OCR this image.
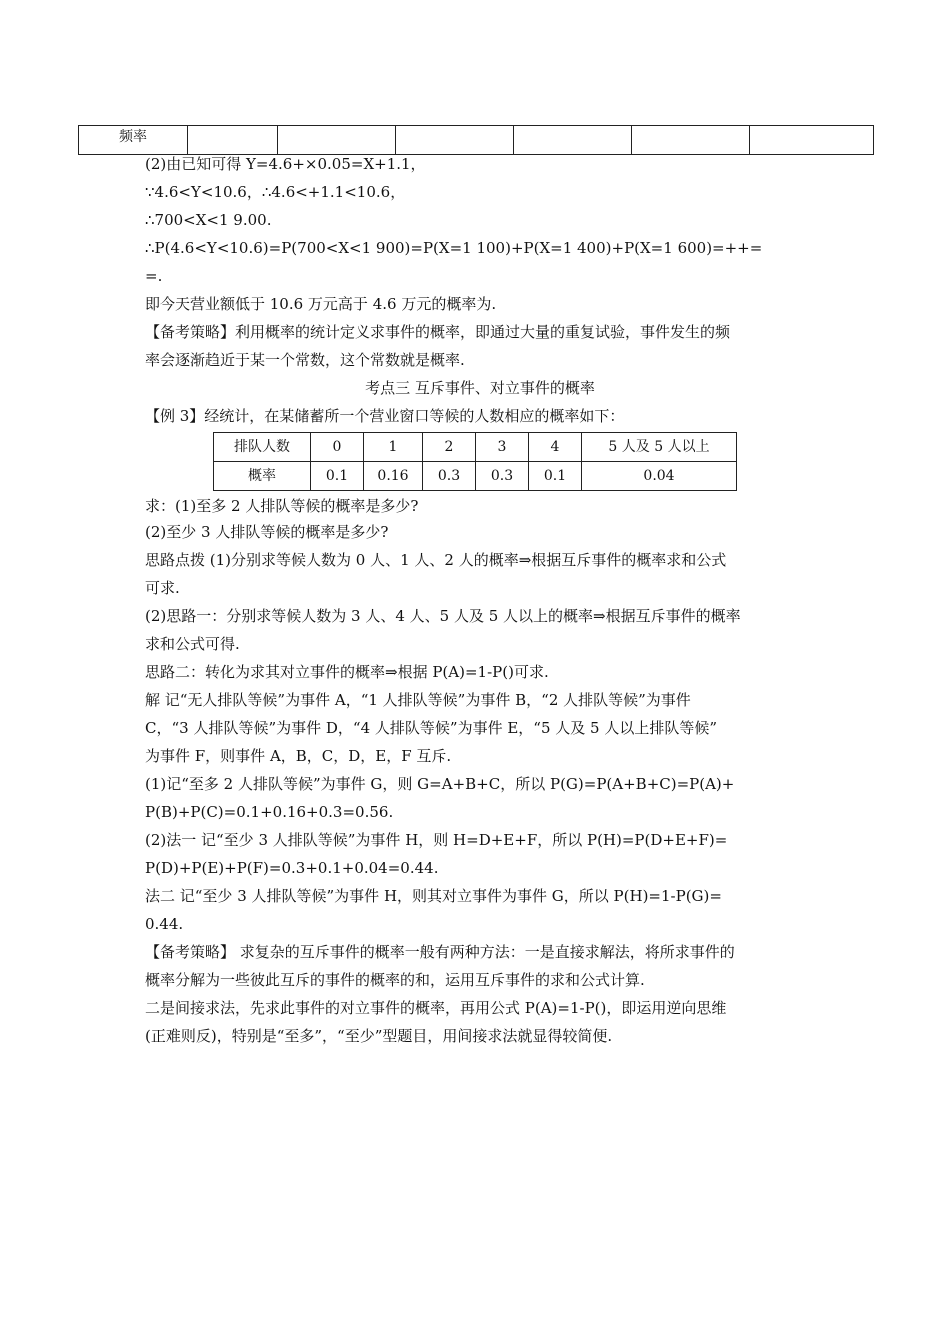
频率						
(2)由已知可得 Y=4.6+×0.05=X+1.1，
∵4.6<Y<10.6，∴4.6<+1.1<10.6，
∴700<X<1 9.00.
∴P(4.6<Y<10.6)=P(700<X<1 900)=P(X=1 100)+P(X=1 400)+P(X=1 600)=++=
=.
即今天营业额低于 10.6 万元高于 4.6 万元的概率为.
【备考策略】利用概率的统计定义求事件的概率，即通过大量的重复试验，事件发生的频
率会逐渐趋近于某一个常数，这个常数就是概率.
考点三 互斥事件、对立事件的概率
【例 3】经统计，在某储蓄所一个营业窗口等候的人数相应的概率如下：
排队人数	0	1	2	3	4	5 人及 5 人以上
概率	0.1	0.16	0.3	0.3	0.1	0.04
求：(1)至多 2 人排队等候的概率是多少?
(2)至少 3 人排队等候的概率是多少?
思路点拨 (1)分别求等候人数为 0 人、1 人、2 人的概率⇒根据互斥事件的概率求和公式
可求.
(2)思路一：分别求等候人数为 3 人、4 人、5 人及 5 人以上的概率⇒根据互斥事件的概率
求和公式可得.
思路二：转化为求其对立事件的概率⇒根据 P(A)=1-P()可求.
解 记“无人排队等候”为事件 A，“1 人排队等候”为事件 B，“2 人排队等候”为事件
C，“3 人排队等候”为事件 D，“4 人排队等候”为事件 E，“5 人及 5 人以上排队等候”
为事件 F，则事件 A，B，C，D，E，F 互斥.
(1)记“至多 2 人排队等候”为事件 G，则 G=A+B+C，所以 P(G)=P(A+B+C)=P(A)+
P(B)+P(C)=0.1+0.16+0.3=0.56.
(2)法一 记“至少 3 人排队等候”为事件 H，则 H=D+E+F，所以 P(H)=P(D+E+F)=
P(D)+P(E)+P(F)=0.3+0.1+0.04=0.44.
法二 记“至少 3 人排队等候”为事件 H，则其对立事件为事件 G，所以 P(H)=1-P(G)=
0.44.
【备考策略】 求复杂的互斥事件的概率一般有两种方法：一是直接求解法，将所求事件的
概率分解为一些彼此互斥的事件的概率的和，运用互斥事件的求和公式计算.
二是间接求法，先求此事件的对立事件的概率，再用公式 P(A)=1-P()，即运用逆向思维
(正难则反)，特别是“至多”，“至少”型题目，用间接求法就显得较简便.
